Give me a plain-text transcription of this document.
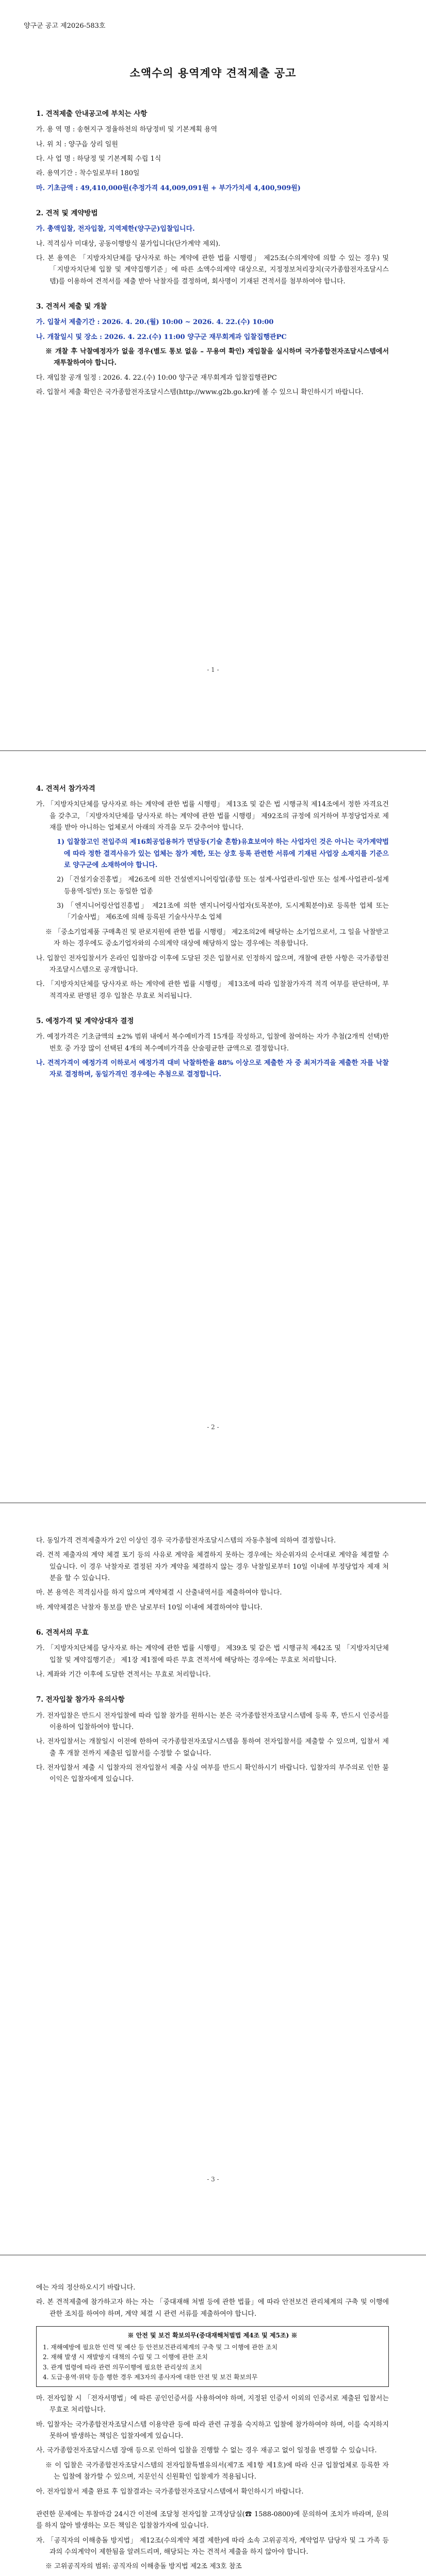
양구군 공고 제2026-583호
소액수의 용역계약 견적제출 공고
1. 견적제출 안내공고에 부치는 사항
가. 용 역 명 : 송현지구 정율하천의 하당정비 및 기본계획 용역
나. 위 치 : 양구읍 상리 일원
다. 사 업 명 : 하당정 및 기본계획 수립 1식
라. 용역기간 : 착수일로부터 180일
마. 기초금액 : 49,410,000원(추정가격 44,009,091원 + 부가가치세 4,400,909원)
2. 견적 및 계약방법
가. 총액입찰, 전자입찰, 지역제한(양구군)입찰입니다.
나. 적격심사 미대상, 공동이행방식 불가입니다(단가계약 제외).
다. 본 용역은 「지방자치단체를 당사자로 하는 계약에 관한 법률 시행령」 제25조(수의계약에 의할 수 있는 경우) 및 「지방자치단체 입찰 및 계약집행기준」에 따른 소액수의계약 대상으로, 지정정보처리장치(국가종합전자조달시스템)를 이용하여 견적서를 제출 받아 낙찰자를 결정하며, 회사명이 기재된 견적서를 첨부하여야 합니다.
3. 견적서 제출 및 개찰
가. 입찰서 제출기간 : 2026. 4. 20.(월) 10:00 ~ 2026. 4. 22.(수) 10:00
나. 개찰일시 및 장소 : 2026. 4. 22.(수) 11:00 양구군 재무회계과 입찰집행관PC
※ 개찰 후 낙찰예정자가 없을 경우(별도 통보 없음 – 무용여 확인) 재입찰을 실시하며 국가종합전자조달시스템에서 재투찰하여야 합니다.
다. 재입찰 공개 일정 : 2026. 4. 22.(수) 10:00 양구군 재무회계과 입찰집행관PC
라. 입찰서 제출 확인은 국가종합전자조달시스템(http://www.g2b.go.kr)에 볼 수 있으니 확인하시기 바랍니다.
- 1 -
4. 견적서 참가자격
가. 「지방자치단체를 당사자로 하는 계약에 관한 법률 시행령」 제13조 및 같은 법 시행규칙 제14조에서 정한 자격요건을 갖추고, 「지방자치단체를 당사자로 하는 계약에 관한 법률 시행령」 제92조의 규정에 의거하여 부정당업자로 제재를 받아 아니하는 업체로서 아래의 자격을 모두 갖추어야 합니다.
1) 입찰참고인 전입주의 제16회공업용허가 면담등(기술 흔함)유효보여야 하는 사업자인 것은 아니는 국가계약법에 따라 정한 결격사유가 있는 업체는 참가 제한, 또는 상호 등록 관련한 서류에 기재된 사업장 소재지를 기준으로 양구군에 소재하여야 합니다.
2) 「건설기술진흥법」 제26조에 의한 건설엔지니어링업(종합 또는 설계·사업관리-일반 또는 설계·사업관리-설계등용역-일반) 또는 동일한 업종
3) 「엔지니어링산업진흥법」 제21조에 의한 엔지니어링사업자(토목분야, 도시계획분야)로 등록한 업체 또는 「기술사법」 제6조에 의해 등록된 기술사사무소 업체
※ 「중소기업제품 구매촉진 및 판로지원에 관한 법률 시행령」 제2조의2에 해당하는 소기업으로서, 그 일을 낙찰받고자 하는 경우에도 중소기업자와의 수의계약 대상에 해당하지 않는 경우에는 적용합니다.
나. 입찰인 전자입찰서가 온라인 입찰마감 이후에 도달된 것은 입찰서로 인정하지 않으며, 개찰에 관한 사항은 국가종합전자조달시스템으로 공개합니다.
다. 「지방자치단체를 당사자로 하는 계약에 관한 법률 시행령」 제13조에 따라 입찰참가자격 적격 여부를 판단하며, 부적격자로 판명된 경우 입찰은 무효로 처리됩니다.
5. 예정가격 및 계약상대자 결정
가. 예정가격은 기초금액의 ±2% 범위 내에서 복수예비가격 15개를 작성하고, 입찰에 참여하는 자가 추첨(2개씩 선택)한 번호 중 가장 많이 선택된 4개의 복수예비가격을 산술평균한 금액으로 결정합니다.
나. 견적가격이 예정가격 이하로서 예정가격 대비 낙찰하한율 88% 이상으로 제출한 자 중 최저가격을 제출한 자를 낙찰자로 결정하며, 동일가격인 경우에는 추첨으로 결정합니다.
- 2 -
다. 동일가격 견적제출자가 2인 이상인 경우 국가종합전자조달시스템의 자동추첨에 의하여 결정합니다.
라. 견적 제출자의 계약 체결 포기 등의 사유로 계약을 체결하지 못하는 경우에는 차순위자의 순서대로 계약을 체결할 수 있습니다. 이 경우 낙찰자로 결정된 자가 계약을 체결하지 않는 경우 낙찰일로부터 10일 이내에 부정당업자 제재 처분을 할 수 있습니다.
마. 본 용역은 적격심사를 하지 않으며 계약체결 시 산출내역서를 제출하여야 합니다.
바. 계약체결은 낙찰자 통보를 받은 날로부터 10일 이내에 체결하여야 합니다.
6. 견적서의 무효
가. 「지방자치단체를 당사자로 하는 계약에 관한 법률 시행령」 제39조 및 같은 법 시행규칙 제42조 및 「지방자치단체 입찰 및 계약집행기준」 제1장 제1절에 따른 무효 견적서에 해당하는 경우에는 무효로 처리합니다.
나. 계좌와 기간 이후에 도달한 견적서는 무효로 처리합니다.
7. 전자입찰 참가자 유의사항
가. 전자입찰은 반드시 전자입찰에 따라 입찰 참가를 원하시는 분은 국가종합전자조달시스템에 등록 후, 반드시 인증서를 이용하여 입찰하여야 합니다.
나. 전자입찰서는 개찰일시 이전에 한하여 국가종합전자조달시스템을 통하여 전자입찰서를 제출할 수 있으며, 입찰서 제출 후 개찰 전까지 제출된 입찰서를 수정할 수 없습니다.
다. 전자입찰서 제출 시 입찰자의 전자입찰서 제출 사실 여부를 반드시 확인하시기 바랍니다. 입찰자의 부주의로 인한 불이익은 입찰자에게 있습니다.
- 3 -
에는 자의 정산하오시기 바랍니다.
라. 본 견적제출에 참가하고자 하는 자는 「중대재해 처벌 등에 관한 법률」에 따라 안전보건 관리체계의 구축 및 이행에 관한 조치를 하여야 하며, 계약 체결 시 관련 서류를 제출하여야 합니다.
※ 안전 및 보건 확보의무(중대재해처벌법 제4조 및 제5조) ※
1. 재해예방에 필요한 인력 및 예산 등 안전보건관리체계의 구축 및 그 이행에 관한 조치
2. 재해 발생 시 재발방지 대책의 수립 및 그 이행에 관한 조치
3. 관계 법령에 따라 관련 의무이행에 필요한 관리상의 조치
4. 도급·용역·위탁 등을 행한 경우 제3자의 종사자에 대한 안전 및 보건 확보의무
마. 전자입찰 시 「전자서명법」에 따른 공인인증서를 사용하여야 하며, 지정된 인증서 이외의 인증서로 제출된 입찰서는 무효로 처리합니다.
바. 입찰자는 국가종합전자조달시스템 이용약관 등에 따라 관련 규정을 숙지하고 입찰에 참가하여야 하며, 이를 숙지하지 못하여 발생하는 책임은 입찰자에게 있습니다.
사. 국가종합전자조달시스템 장애 등으로 인하여 입찰을 진행할 수 없는 경우 재공고 없이 일정을 변경할 수 있습니다.
※ 이 입찰은 국가종합전자조달시스템의 전자입찰특별유의서(제7조 제1항 제1호)에 따라 신규 입찰업체로 등록한 자는 입찰에 참가할 수 있으며, 지문인식 신원확인 입찰제가 적용됩니다.
아. 전자입찰서 제출 완료 후 입찰결과는 국가종합전자조달시스템에서 확인하시기 바랍니다.
관련한 문제에는 투찰마감 24시간 이전에 조달청 전자입찰 고객상담실(☎ 1588-0800)에 문의하여 조치가 바라며, 문의를 하지 않아 발생하는 모든 책임은 입찰참가자에 있습니다.
자. 「공직자의 이해충돌 방지법」 제12조(수의계약 체결 제한)에 따라 소속 고위공직자, 계약업무 담당자 및 그 가족 등과의 수의계약이 제한됨을 알려드리며, 해당되는 자는 견적서 제출을 하지 않아야 합니다.
※ 고위공직자의 범위: 공직자의 이해충돌 방지법 제2조 제3호 참조
